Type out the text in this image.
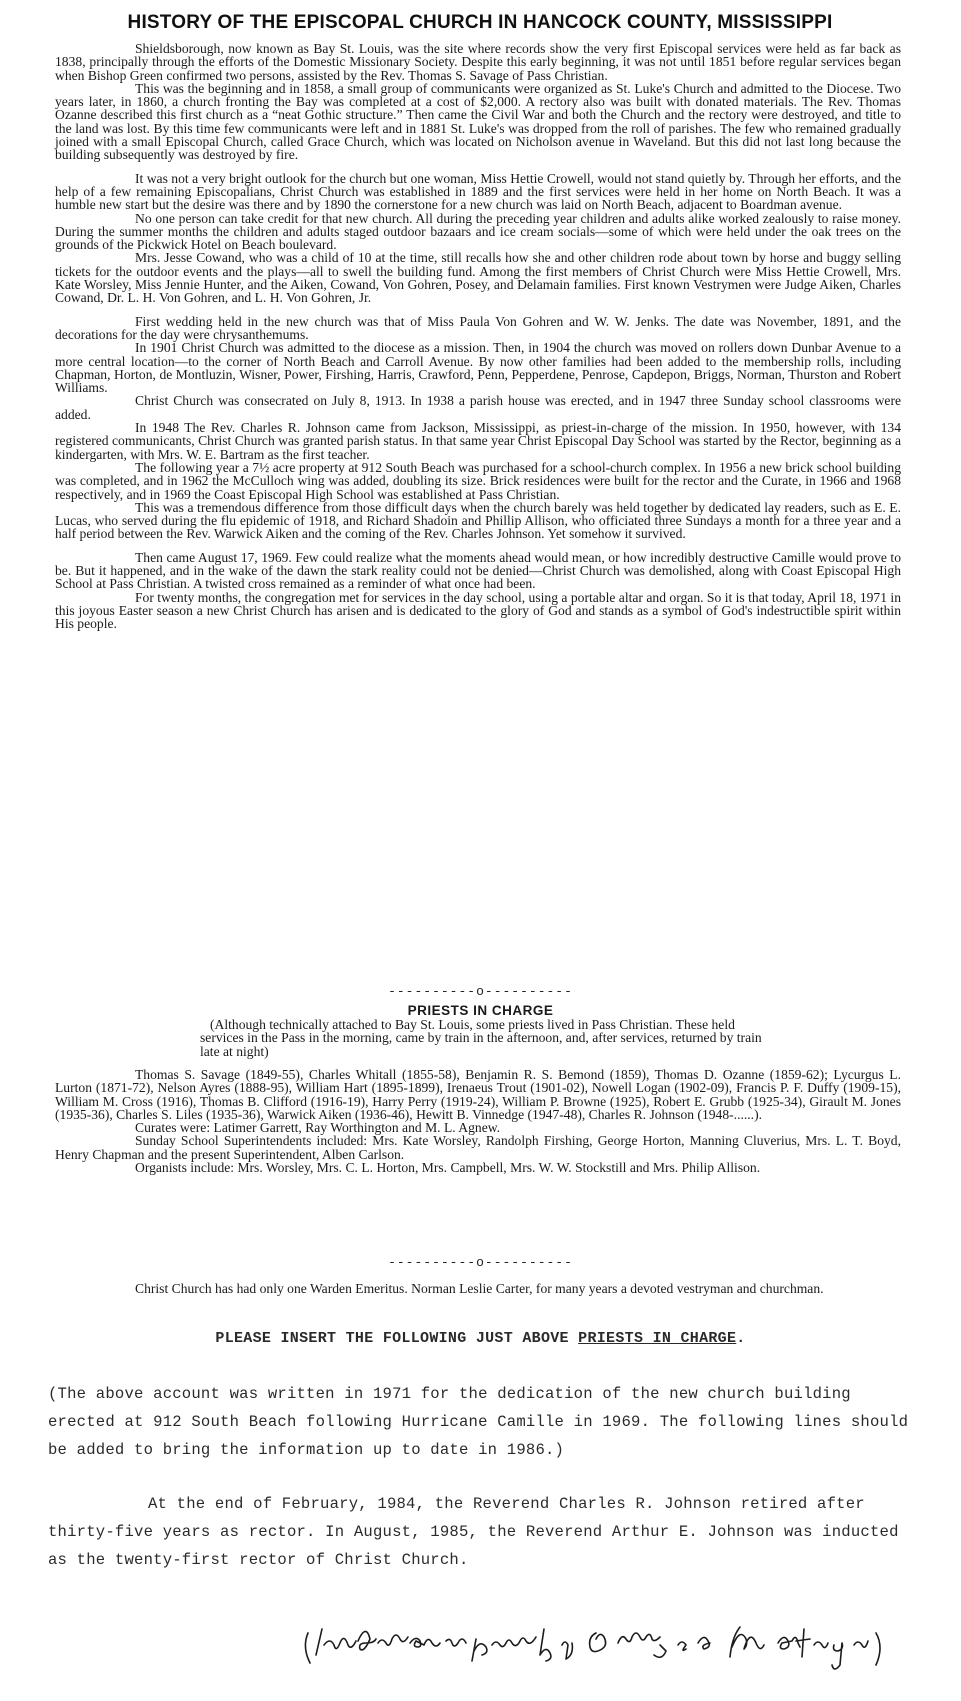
HISTORY OF THE EPISCOPAL CHURCH IN HANCOCK COUNTY, MISSISSIPPI

Shieldsborough, now known as Bay St. Louis, was the site where records show the very first Episcopal services were held as far back as 1838, principally through the efforts of the Domestic Missionary Society. Despite this early beginning, it was not until 1851 before regular services began when Bishop Green confirmed two persons, assisted by the Rev. Thomas S. Savage of Pass Christian.

This was the beginning and in 1858, a small group of communicants were organized as St. Luke's Church and admitted to the Diocese. Two years later, in 1860, a church fronting the Bay was completed at a cost of $2,000. A rectory also was built with donated materials. The Rev. Thomas Ozanne described this first church as a “neat Gothic structure.” Then came the Civil War and both the Church and the rectory were destroyed, and title to the land was lost. By this time few communicants were left and in 1881 St. Luke's was dropped from the roll of parishes. The few who remained gradually joined with a small Episcopal Church, called Grace Church, which was located on Nicholson avenue in Waveland. But this did not last long because the building subsequently was destroyed by fire.

It was not a very bright outlook for the church but one woman, Miss Hettie Crowell, would not stand quietly by. Through her efforts, and the help of a few remaining Episcopalians, Christ Church was established in 1889 and the first services were held in her home on North Beach. It was a humble new start but the desire was there and by 1890 the cornerstone for a new church was laid on North Beach, adjacent to Boardman avenue.

No one person can take credit for that new church. All during the preceding year children and adults alike worked zealously to raise money. During the summer months the children and adults staged outdoor bazaars and ice cream socials—some of which were held under the oak trees on the grounds of the Pickwick Hotel on Beach boulevard.

Mrs. Jesse Cowand, who was a child of 10 at the time, still recalls how she and other children rode about town by horse and buggy selling tickets for the outdoor events and the plays—all to swell the building fund. Among the first members of Christ Church were Miss Hettie Crowell, Mrs. Kate Worsley, Miss Jennie Hunter, and the Aiken, Cowand, Von Gohren, Posey, and Delamain families. First known Vestrymen were Judge Aiken, Charles Cowand, Dr. L. H. Von Gohren, and L. H. Von Gohren, Jr.

First wedding held in the new church was that of Miss Paula Von Gohren and W. W. Jenks. The date was November, 1891, and the decorations for the day were chrysanthemums.

In 1901 Christ Church was admitted to the diocese as a mission. Then, in 1904 the church was moved on rollers down Dunbar Avenue to a more central location—to the corner of North Beach and Carroll Avenue. By now other families had been added to the membership rolls, including Chapman, Horton, de Montluzin, Wisner, Power, Firshing, Harris, Crawford, Penn, Pepperdene, Penrose, Capdepon, Briggs, Norman, Thurston and Robert Williams.

Christ Church was consecrated on July 8, 1913. In 1938 a parish house was erected, and in 1947 three Sunday school classrooms were added.

In 1948 The Rev. Charles R. Johnson came from Jackson, Mississippi, as priest-in-charge of the mission. In 1950, however, with 134 registered communicants, Christ Church was granted parish status. In that same year Christ Episcopal Day School was started by the Rector, beginning as a kindergarten, with Mrs. W. E. Bartram as the first teacher.

The following year a 7½ acre property at 912 South Beach was purchased for a school-church complex. In 1956 a new brick school building was completed, and in 1962 the McCulloch wing was added, doubling its size. Brick residences were built for the rector and the Curate, in 1966 and 1968 respectively, and in 1969 the Coast Episcopal High School was established at Pass Christian.

This was a tremendous difference from those difficult days when the church barely was held together by dedicated lay readers, such as E. E. Lucas, who served during the flu epidemic of 1918, and Richard Shadoin and Phillip Allison, who officiated three Sundays a month for a three year and a half period between the Rev. Warwick Aiken and the coming of the Rev. Charles Johnson. Yet somehow it survived.

Then came August 17, 1969. Few could realize what the moments ahead would mean, or how incredibly destructive Camille would prove to be. But it happened, and in the wake of the dawn the stark reality could not be denied—Christ Church was demolished, along with Coast Episcopal High School at Pass Christian. A twisted cross remained as a reminder of what once had been.

For twenty months, the congregation met for services in the day school, using a portable altar and organ. So it is that today, April 18, 1971 in this joyous Easter season a new Christ Church has arisen and is dedicated to the glory of God and stands as a symbol of God's indestructible spirit within His people.

----------o----------
PRIESTS IN CHARGE
(Although technically attached to Bay St. Louis, some priests lived in Pass Christian. These held services in the Pass in the morning, came by train in the afternoon, and, after services, returned by train late at night)

Thomas S. Savage (1849-55), Charles Whitall (1855-58), Benjamin R. S. Bemond (1859), Thomas D. Ozanne (1859-62); Lycurgus L. Lurton (1871-72), Nelson Ayres (1888-95), William Hart (1895-1899), Irenaeus Trout (1901-02), Nowell Logan (1902-09), Francis P. F. Duffy (1909-15), William M. Cross (1916), Thomas B. Clifford (1916-19), Harry Perry (1919-24), William P. Browne (1925), Robert E. Grubb (1925-34), Girault M. Jones (1935-36), Charles S. Liles (1935-36), Warwick Aiken (1936-46), Hewitt B. Vinnedge (1947-48), Charles R. Johnson (1948-......).

Curates were: Latimer Garrett, Ray Worthington and M. L. Agnew.

Sunday School Superintendents included: Mrs. Kate Worsley, Randolph Firshing, George Horton, Manning Cluverius, Mrs. L. T. Boyd, Henry Chapman and the present Superintendent, Alben Carlson.

Organists include: Mrs. Worsley, Mrs. C. L. Horton, Mrs. Campbell, Mrs. W. W. Stockstill and Mrs. Philip Allison.

----------o----------
Christ Church has had only one Warden Emeritus. Norman Leslie Carter, for many years a devoted vestryman and churchman.
PLEASE INSERT THE FOLLOWING JUST ABOVE PRIESTS IN CHARGE.
(The above account was written in 1971 for the dedication of the new church building erected at 912 South Beach following Hurricane Camille in 1969. The following lines should be added to bring the information up to date in 1986.)
At the end of February, 1984, the Reverend Charles R. Johnson retired after thirty-five years as rector. In August, 1985, the Reverend Arthur E. Johnson was inducted as the twenty-first rector of Christ Church.
